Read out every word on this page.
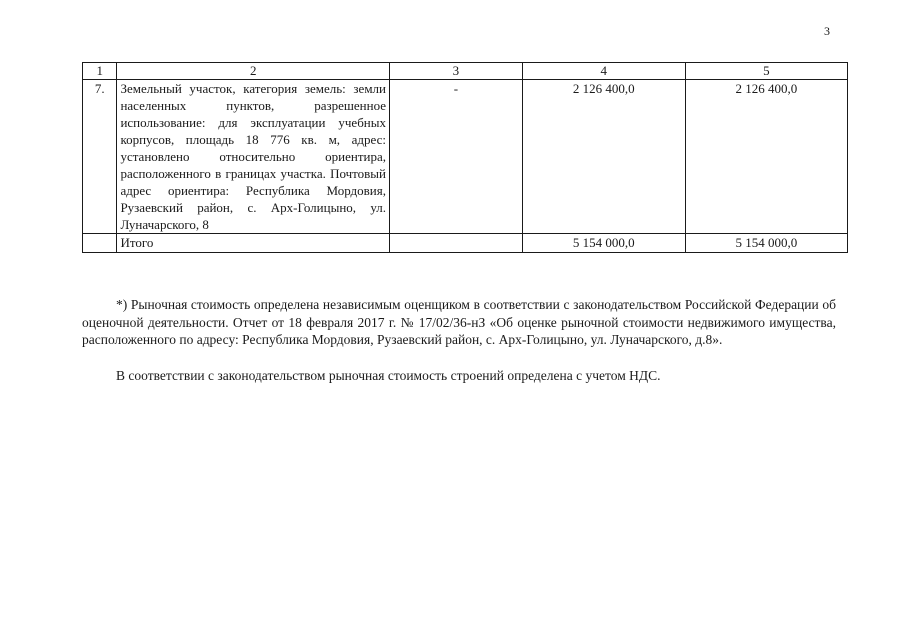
3
1	2	3	4	5
7.	Земельный участок, категория земель: земли населенных пунктов, разрешенное использование: для эксплуатации учебных корпусов, площадь 18 776 кв. м, адрес: установлено относительно ориентира, расположенного в границах участка. Почтовый адрес ориентира: Республика Мордовия, Рузаевский район, с. Арх-Голицыно, ул. Луначарского, 8	-	2 126 400,0	2 126 400,0
	Итого		5 154 000,0	5 154 000,0

*) Рыночная стоимость определена независимым оценщиком в соответствии с законодательством Российской Федерации об оценочной деятельности. Отчет от 18 февраля 2017 г. № 17/02/36-нЗ «Об оценке рыночной стоимости недвижимого имущества, расположенного по адресу: Республика Мордовия, Рузаевский район, с. Арх-Голицыно, ул. Луначарского, д.8».

В соответствии с законодательством рыночная стоимость строений определена с учетом НДС.
